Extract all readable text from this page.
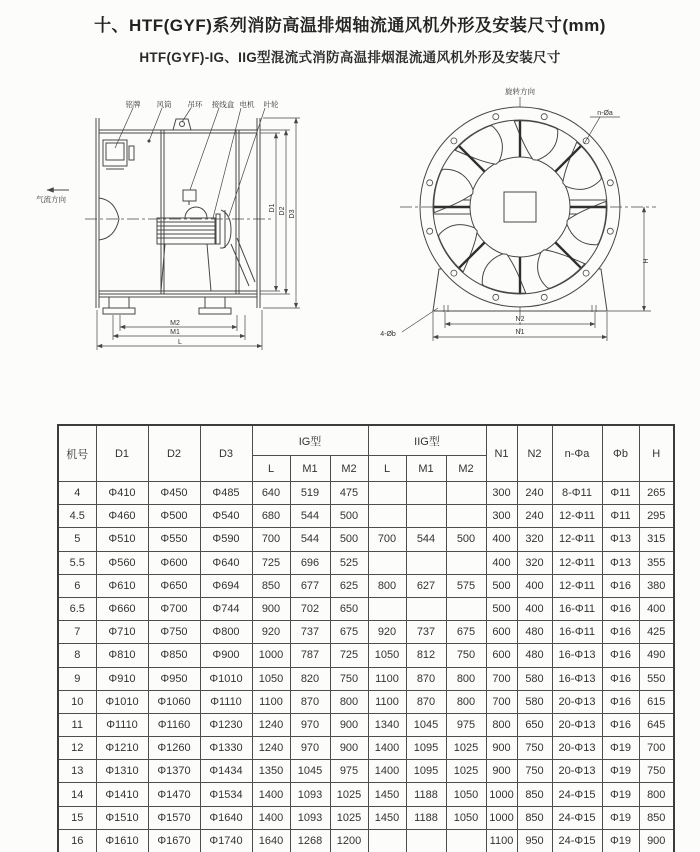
十、HTF(GYF)系列消防高温排烟轴流通风机外形及安装尺寸(mm)
HTF(GYF)-IG、IIG型混流式消防高温排烟混流通风机外形及安装尺寸
铭牌 风筒 吊环 接线盒 电机 叶轮
气流方向
M2
M1
L
D1 D2 D3
旋转方向
n-Øa
4-Øb
N2
N1
H
机号	D1	D2	D3	IG型			IIG型			N1	N2	n-Φa	Φb	H
				L	M1	M2	L	M1	M2					
4	Φ410	Φ450	Φ485	640	519	475				300	240	8-Φ11	Φ11	265
4.5	Φ460	Φ500	Φ540	680	544	500				300	240	12-Φ11	Φ11	295
5	Φ510	Φ550	Φ590	700	544	500	700	544	500	400	320	12-Φ11	Φ13	315
5.5	Φ560	Φ600	Φ640	725	696	525				400	320	12-Φ11	Φ13	355
6	Φ610	Φ650	Φ694	850	677	625	800	627	575	500	400	12-Φ11	Φ16	380
6.5	Φ660	Φ700	Φ744	900	702	650				500	400	16-Φ11	Φ16	400
7	Φ710	Φ750	Φ800	920	737	675	920	737	675	600	480	16-Φ11	Φ16	425
8	Φ810	Φ850	Φ900	1000	787	725	1050	812	750	600	480	16-Φ13	Φ16	490
9	Φ910	Φ950	Φ1010	1050	820	750	1100	870	800	700	580	16-Φ13	Φ16	550
10	Φ1010	Φ1060	Φ1110	1100	870	800	1100	870	800	700	580	20-Φ13	Φ16	615
11	Φ1110	Φ1160	Φ1230	1240	970	900	1340	1045	975	800	650	20-Φ13	Φ16	645
12	Φ1210	Φ1260	Φ1330	1240	970	900	1400	1095	1025	900	750	20-Φ13	Φ19	700
13	Φ1310	Φ1370	Φ1434	1350	1045	975	1400	1095	1025	900	750	20-Φ13	Φ19	750
14	Φ1410	Φ1470	Φ1534	1400	1093	1025	1450	1188	1050	1000	850	24-Φ15	Φ19	800
15	Φ1510	Φ1570	Φ1640	1400	1093	1025	1450	1188	1050	1000	850	24-Φ15	Φ19	850
16	Φ1610	Φ1670	Φ1740	1640	1268	1200				1100	950	24-Φ15	Φ19	900
